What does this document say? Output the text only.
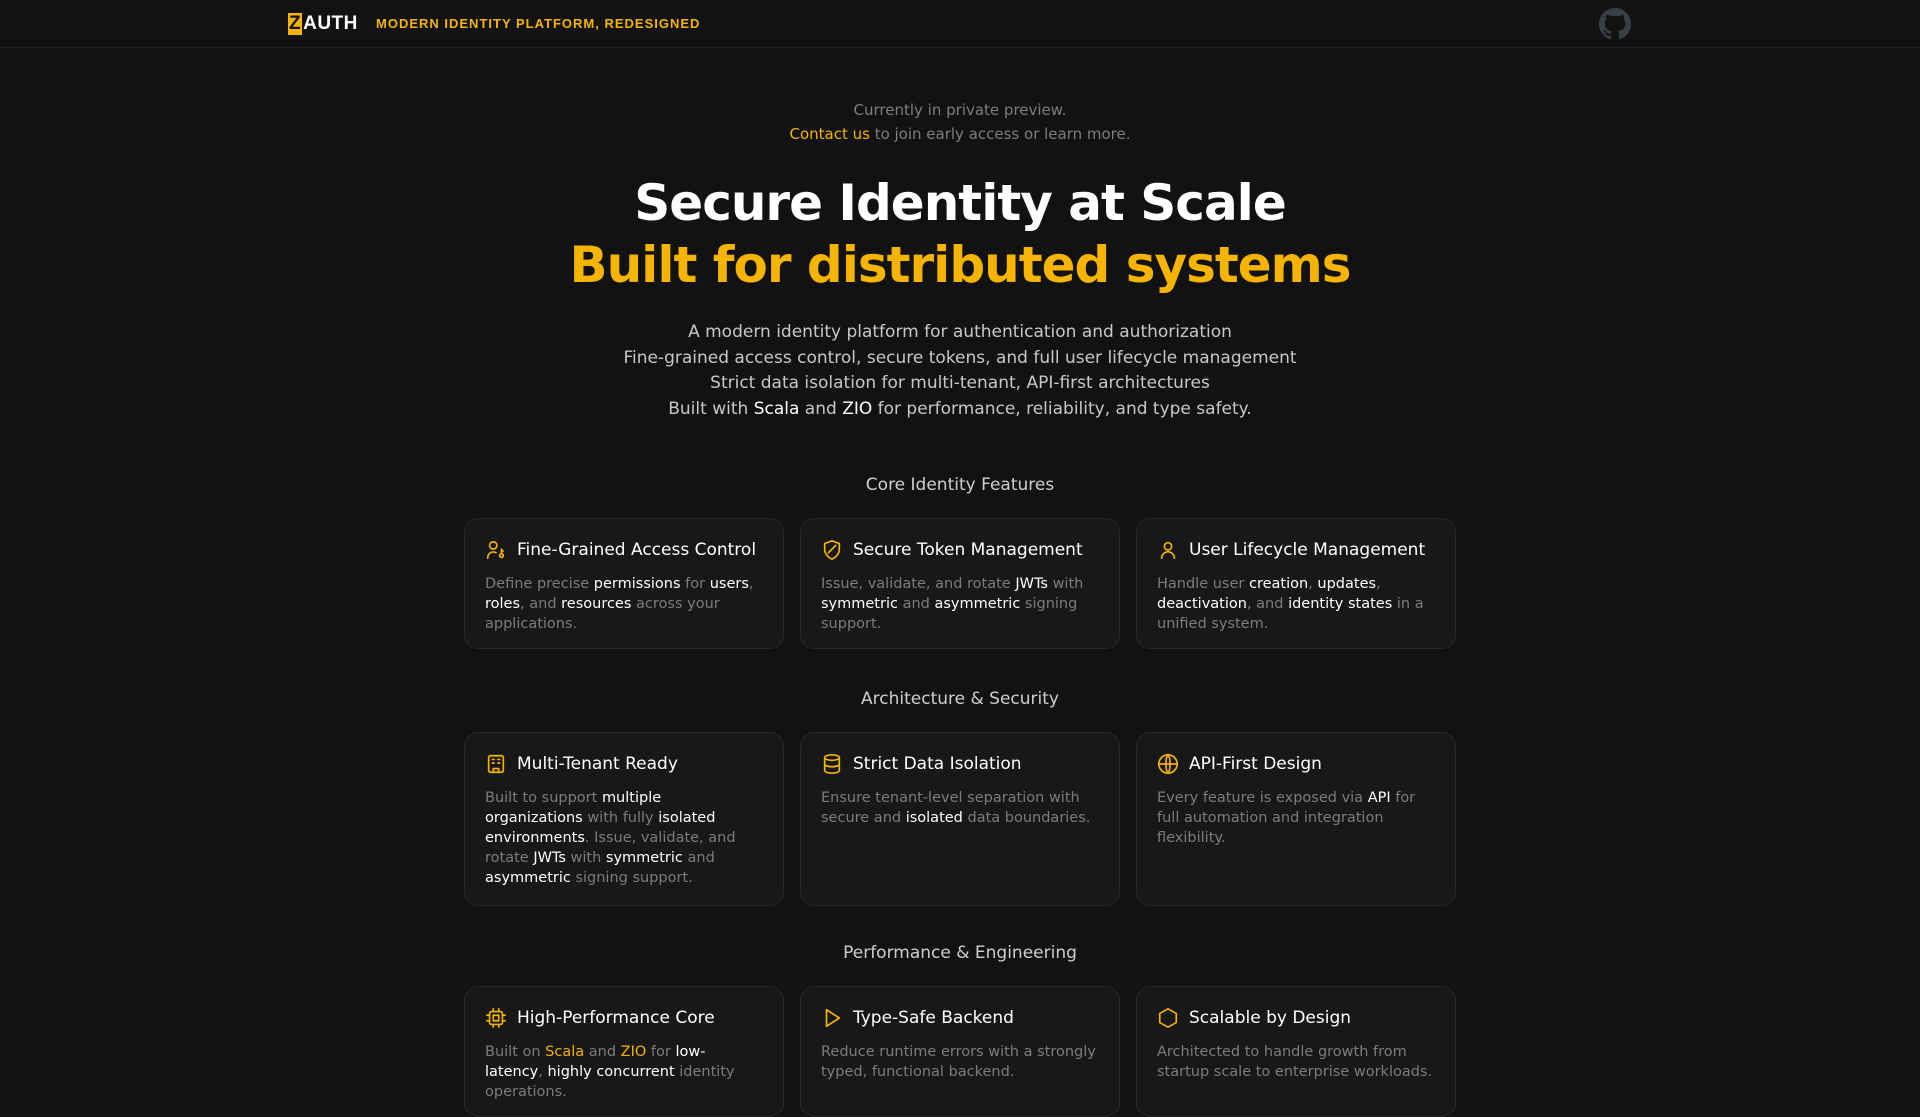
Z AUTH MODERN IDENTITY PLATFORM, REDESIGNED
Currently in private preview.
Contact us to join early access or learn more.
Secure Identity at Scale
Built for distributed systems
A modern identity platform for authentication and authorization
Fine-grained access control, secure tokens, and full user lifecycle management
Strict data isolation for multi-tenant, API-first architectures
Built with Scala and ZIO for performance, reliability, and type safety.
Core Identity Features
Fine-Grained Access Control
Define precise permissions for users, roles, and resources across your applications.
Secure Token Management
Issue, validate, and rotate JWTs with symmetric and asymmetric signing support.
User Lifecycle Management
Handle user creation, updates, deactivation, and identity states in a unified system.
Architecture & Security
Multi-Tenant Ready
Built to support multiple organizations with fully isolated environments. Issue, validate, and rotate JWTs with symmetric and asymmetric signing support.
Strict Data Isolation
Ensure tenant-level separation with secure and isolated data boundaries.
API-First Design
Every feature is exposed via API for full automation and integration flexibility.
Performance & Engineering
High-Performance Core
Built on Scala and ZIO for low-latency, highly concurrent identity operations.
Type-Safe Backend
Reduce runtime errors with a strongly typed, functional backend.
Scalable by Design
Architected to handle growth from startup scale to enterprise workloads.
